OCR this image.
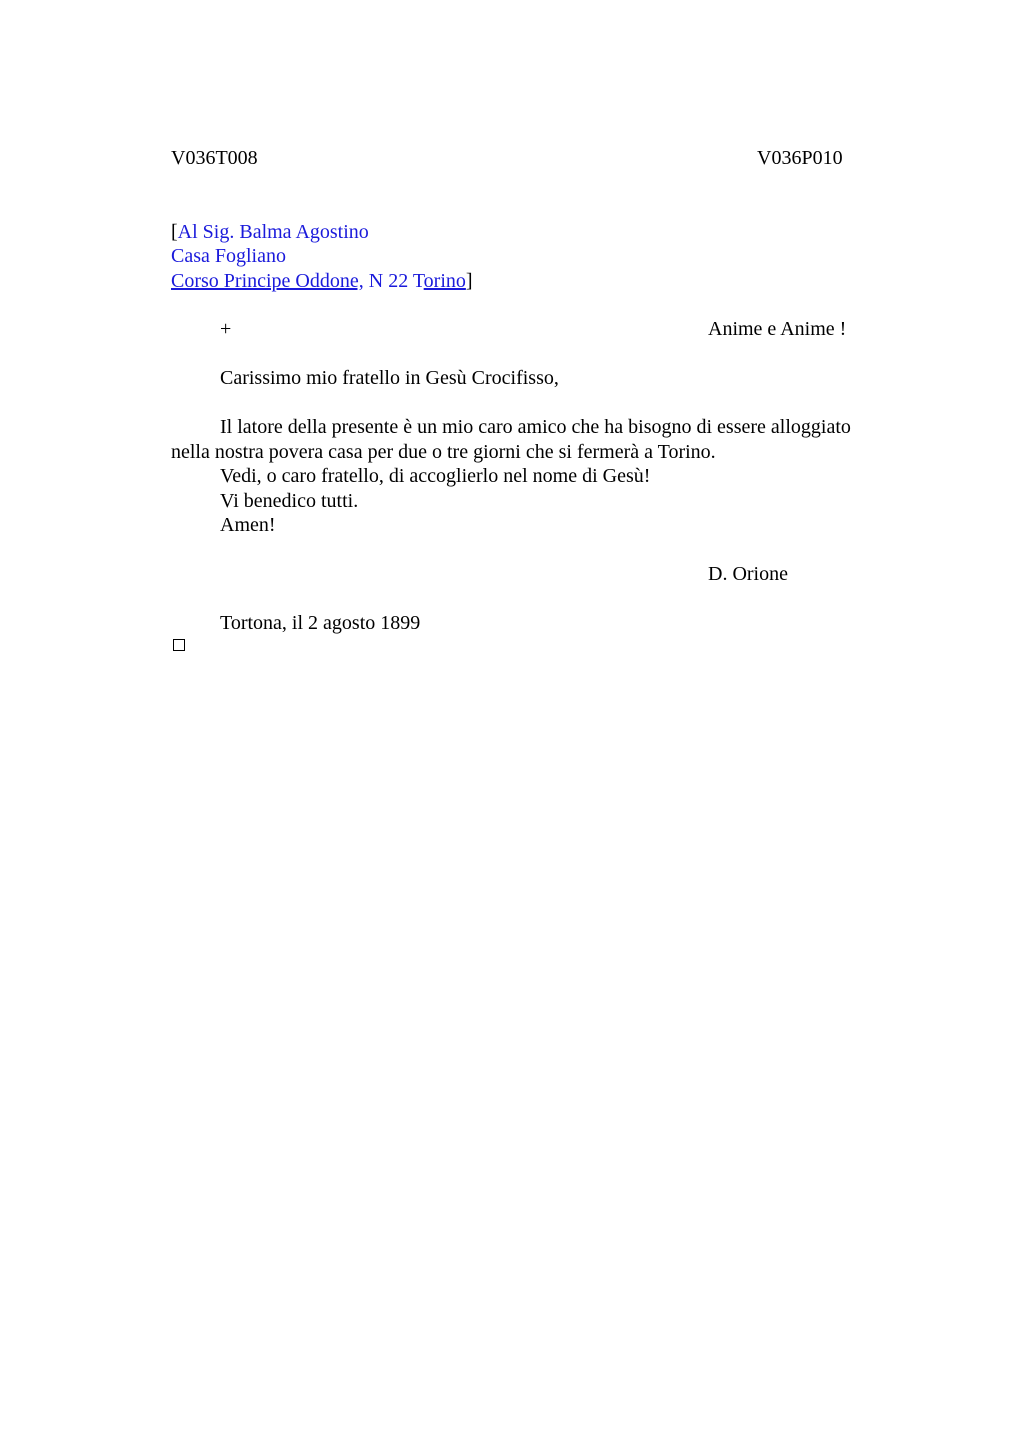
V036T008	V036P010
[Al Sig. Balma Agostino
Casa Fogliano
Corso Principe Oddone, N 22 Torino]
+	Anime e Anime !
Carissimo mio fratello in Gesù Crocifisso,
Il latore della presente è un mio caro amico che ha bisogno di essere alloggiato
nella nostra povera casa per due o tre giorni che si fermerà a Torino.
Vedi, o caro fratello, di accoglierlo nel nome di Gesù!
Vi benedico tutti.
Amen!
D. Orione
Tortona, il 2 agosto 1899
